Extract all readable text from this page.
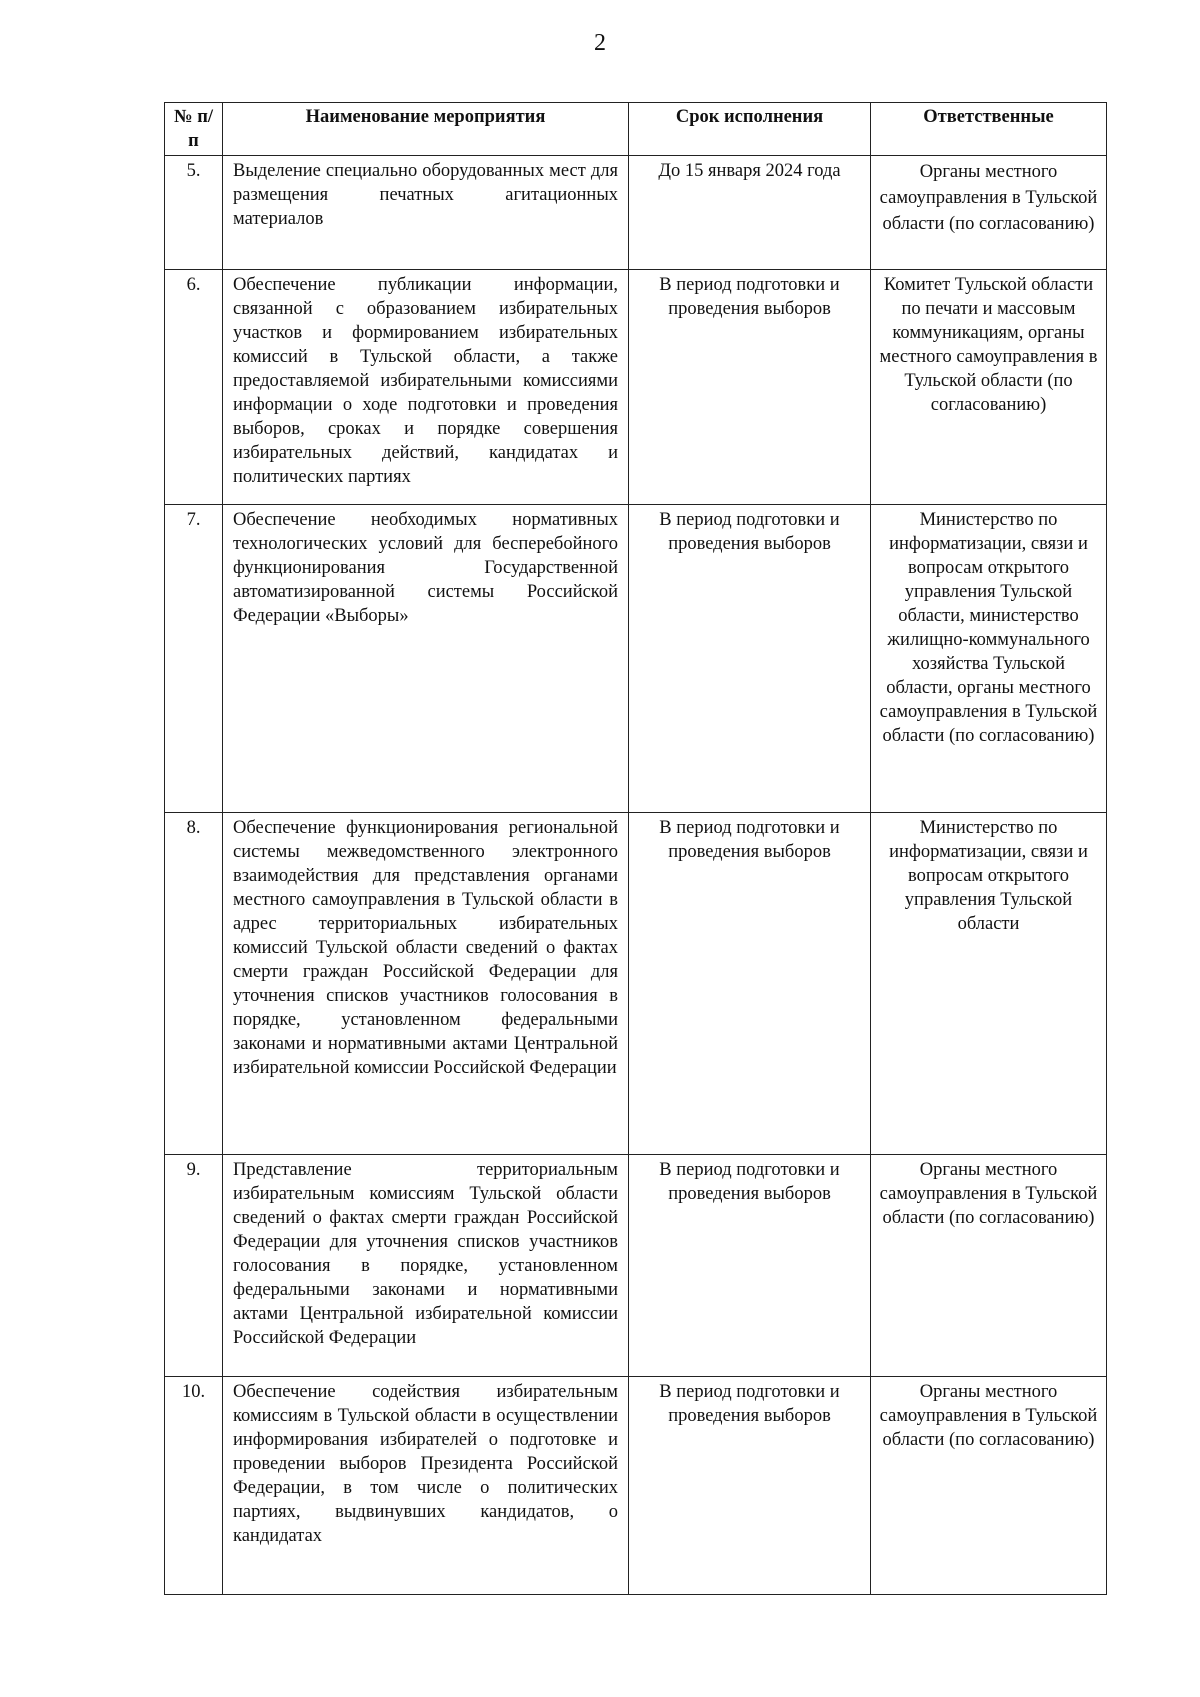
2
№ п/п	Наименование мероприятия	Срок исполнения	Ответственные
5.	Выделение специально оборудованных мест для размещения печатных агитационных материалов	До 15 января 2024 года	Органы местного самоуправления в Тульской области (по согласованию)
6.	Обеспечение публикации информации, связанной с образованием избирательных участков и формированием избирательных комиссий в Тульской области, а также предоставляемой избирательными комиссиями информации о ходе подготовки и проведения выборов, сроках и порядке совершения избирательных действий, кандидатах и политических партиях	В период подготовки и проведения выборов	Комитет Тульской области по печати и массовым коммуникациям, органы местного самоуправления в Тульской области (по согласованию)
7.	Обеспечение необходимых нормативных технологических условий для бесперебойного функционирования Государственной автоматизированной системы Российской Федерации «Выборы»	В период подготовки и проведения выборов	Министерство по информатизации, связи и вопросам открытого управления Тульской области, министерство жилищно-коммунального хозяйства Тульской области, органы местного самоуправления в Тульской области (по согласованию)
8.	Обеспечение функционирования региональной системы межведомственного электронного взаимодействия для представления органами местного самоуправления в Тульской области в адрес территориальных избирательных комиссий Тульской области сведений о фактах смерти граждан Российской Федерации для уточнения списков участников голосования в порядке, установленном федеральными законами и нормативными актами Центральной избирательной комиссии Российской Федерации	В период подготовки и проведения выборов	Министерство по информатизации, связи и вопросам открытого управления Тульской области
9.	Представление территориальным избирательным комиссиям Тульской области сведений о фактах смерти граждан Российской Федерации для уточнения списков участников голосования в порядке, установленном федеральными законами и нормативными актами Центральной избирательной комиссии Российской Федерации	В период подготовки и проведения выборов	Органы местного самоуправления в Тульской области (по согласованию)
10.	Обеспечение содействия избирательным комиссиям в Тульской области в осуществлении информирования избирателей о подготовке и проведении выборов Президента Российской Федерации, в том числе о политических партиях, выдвинувших кандидатов, о кандидатах	В период подготовки и проведения выборов	Органы местного самоуправления в Тульской области (по согласованию)
